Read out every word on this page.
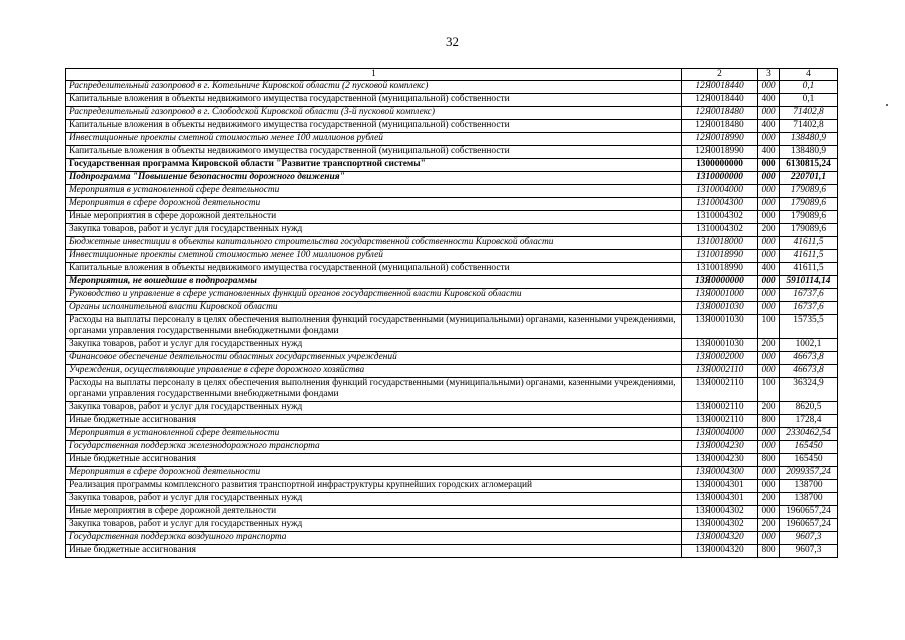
32
1	2	3	4
Распределительный газопровод в г. Котельниче Кировской области (2 пусковой комплекс)	12Я0018440	000	0,1
Капитальные вложения в объекты недвижимого имущества государственной (муниципальной) собственности	12Я0018440	400	0,1
Распределительный газопровод в г. Слободской Кировской области (3-й пусковой комплекс)	12Я0018480	000	71402,8
Капитальные вложения в объекты недвижимого имущества государственной (муниципальной) собственности	12Я0018480	400	71402,8
Инвестиционные проекты сметной стоимостью менее 100 миллионов рублей	12Я0018990	000	138480,9
Капитальные вложения в объекты недвижимого имущества государственной (муниципальной) собственности	12Я0018990	400	138480,9
Государственная программа Кировской области "Развитие транспортной системы"	1300000000	000	6130815,24
Подпрограмма "Повышение безопасности дорожного движения"	1310000000	000	220701,1
Мероприятия в установленной сфере деятельности	1310004000	000	179089,6
Мероприятия в сфере дорожной деятельности	1310004300	000	179089,6
Иные мероприятия в сфере дорожной деятельности	1310004302	000	179089,6
Закупка товаров, работ и услуг для государственных нужд	1310004302	200	179089,6
Бюджетные инвестиции в объекты капитального строительства государственной собственности Кировской области	1310018000	000	41611,5
Инвестиционные проекты сметной стоимостью менее 100 миллионов рублей	1310018990	000	41611,5
Капитальные вложения в объекты недвижимого имущества государственной (муниципальной) собственности	1310018990	400	41611,5
Мероприятия, не вошедшие в подпрограммы	13Я0000000	000	5910114,14
Руководство и управление в сфере установленных функций органов государственной власти Кировской области	13Я0001000	000	16737,6
Органы исполнительной власти Кировской области	13Я0001030	000	16737,6
Расходы на выплаты персоналу в целях обеспечения выполнения функций государственными (муниципальными) органами, казенными учреждениями, органами управления государственными внебюджетными фондами	13Я0001030	100	15735,5
Закупка товаров, работ и услуг для государственных нужд	13Я0001030	200	1002,1
Финансовое обеспечение деятельности областных государственных учреждений	13Я0002000	000	46673,8
Учреждения, осуществляющие управление в сфере дорожного хозяйства	13Я0002110	000	46673,8
Расходы на выплаты персоналу в целях обеспечения выполнения функций государственными (муниципальными) органами, казенными учреждениями, органами управления государственными внебюджетными фондами	13Я0002110	100	36324,9
Закупка товаров, работ и услуг для государственных нужд	13Я0002110	200	8620,5
Иные бюджетные ассигнования	13Я0002110	800	1728,4
Мероприятия в установленной сфере деятельности	13Я0004000	000	2330462,54
Государственная поддержка железнодорожного транспорта	13Я0004230	000	165450
Иные бюджетные ассигнования	13Я0004230	800	165450
Мероприятия в сфере дорожной деятельности	13Я0004300	000	2099357,24
Реализация программы комплексного развития транспортной инфраструктуры крупнейших городских агломераций	13Я0004301	000	138700
Закупка товаров, работ и услуг для государственных нужд	13Я0004301	200	138700
Иные мероприятия в сфере дорожной деятельности	13Я0004302	000	1960657,24
Закупка товаров, работ и услуг для государственных нужд	13Я0004302	200	1960657,24
Государственная поддержка воздушного транспорта	13Я0004320	000	9607,3
Иные бюджетные ассигнования	13Я0004320	800	9607,3
